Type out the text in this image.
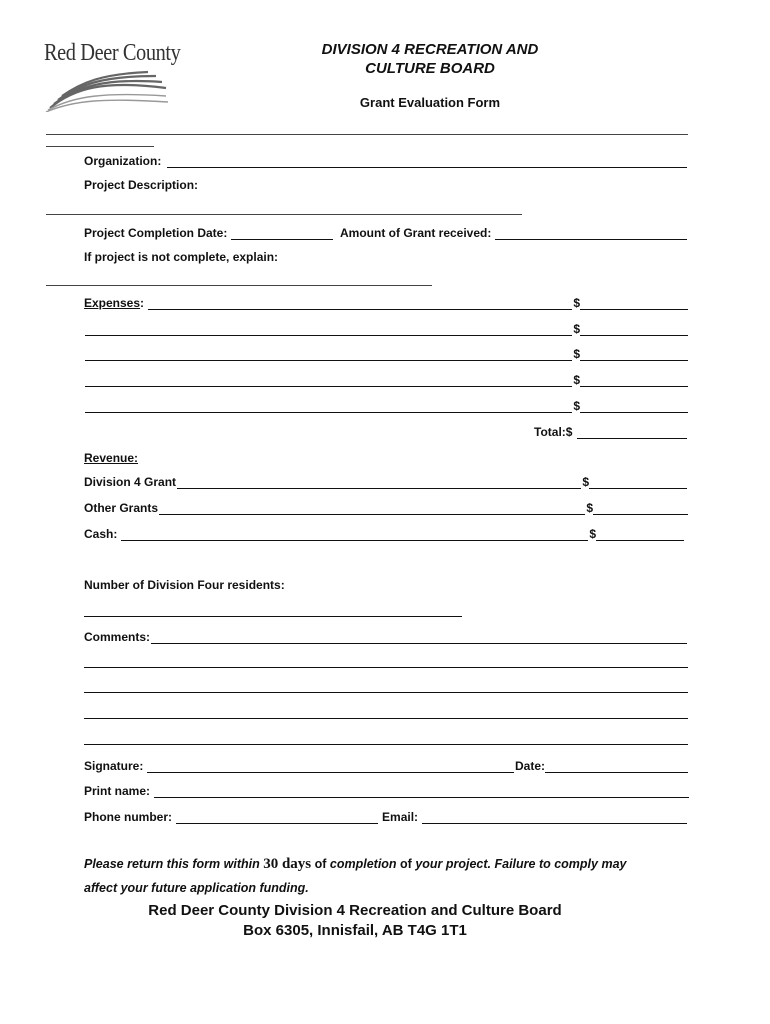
Red Deer County	DIVISION 4 RECREATION AND
CULTURE BOARD
Grant Evaluation Form
Organization:
Project Description:
Project Completion Date:	Amount of Grant received:
If project is not complete, explain:
Expenses :	$
$
$
$
$
Total:$
Revenue:
Division 4 Grant	$
Other Grants	$
Cash:	$
Number of Division Four residents:
Comments:
Signature:	Date:
Print name:
Phone number:	Email:
Please return this form within 30 days of completion of your project. Failure to comply may
affect your future application funding.
Red Deer County Division 4 Recreation and Culture Board
Box 6305, Innisfail, AB T4G 1T1
